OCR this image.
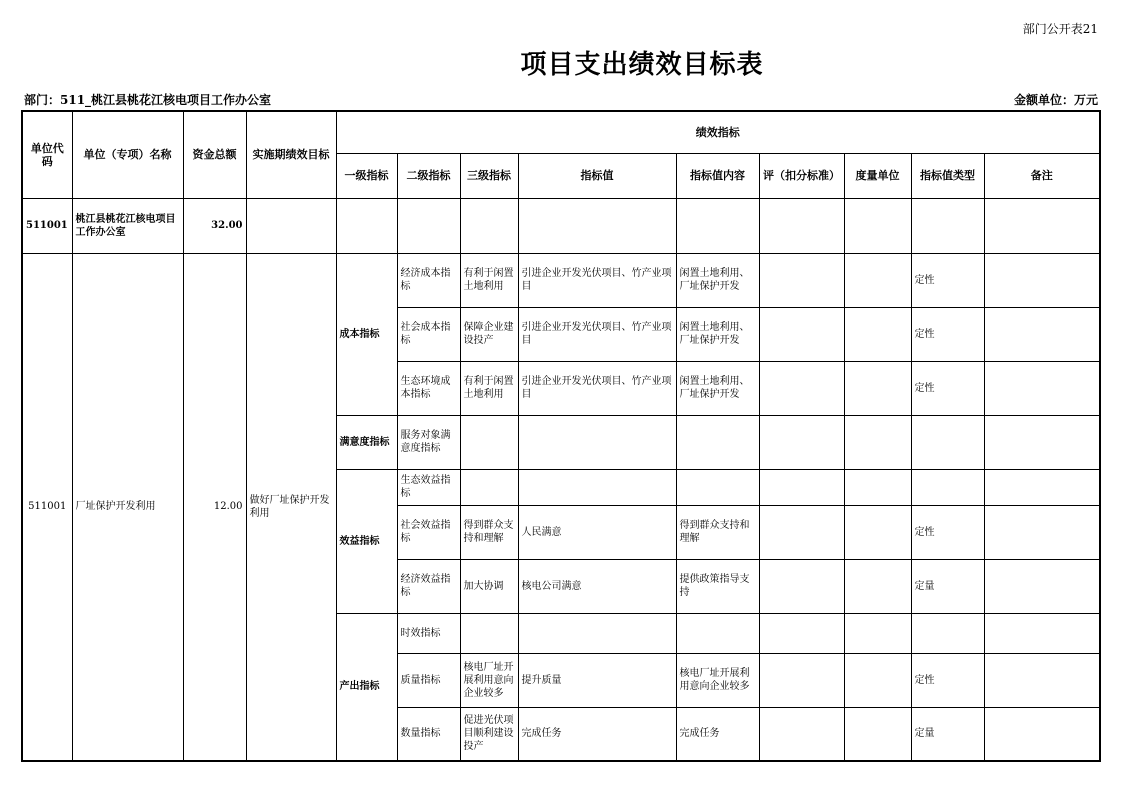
部门公开表21
项目支出绩效目标表
部门：511_桃江县桃花江核电项目工作办公室	金额单位：万元
单位代码	单位（专项）名称	资金总额	实施期绩效目标	绩效指标								
				一级指标	二级指标	三级指标	指标值	指标值内容	评（扣分标准）	度量单位	指标值类型	备注
511001	桃江县桃花江核电项目工作办公室	32.00										
511001	厂址保护开发利用	12.00	做好厂址保护开发利用	成本指标	经济成本指标	有利于闲置土地利用	引进企业开发光伏项目、竹产业项目	闲置土地利用、厂址保护开发			定性	
					社会成本指标	保障企业建设投产	引进企业开发光伏项目、竹产业项目	闲置土地利用、厂址保护开发			定性	
					生态环境成本指标	有利于闲置土地利用	引进企业开发光伏项目、竹产业项目	闲置土地利用、厂址保护开发			定性	
				满意度指标	服务对象满意度指标							
				效益指标	生态效益指标							
					社会效益指标	得到群众支持和理解	人民满意	得到群众支持和理解			定性	
					经济效益指标	加大协调	核电公司满意	提供政策指导支持			定量	
				产出指标	时效指标							
					质量指标	核电厂址开展利用意向企业较多	提升质量	核电厂址开展利用意向企业较多			定性	
					数量指标	促进光伏项目顺利建设投产	完成任务	完成任务			定量	
